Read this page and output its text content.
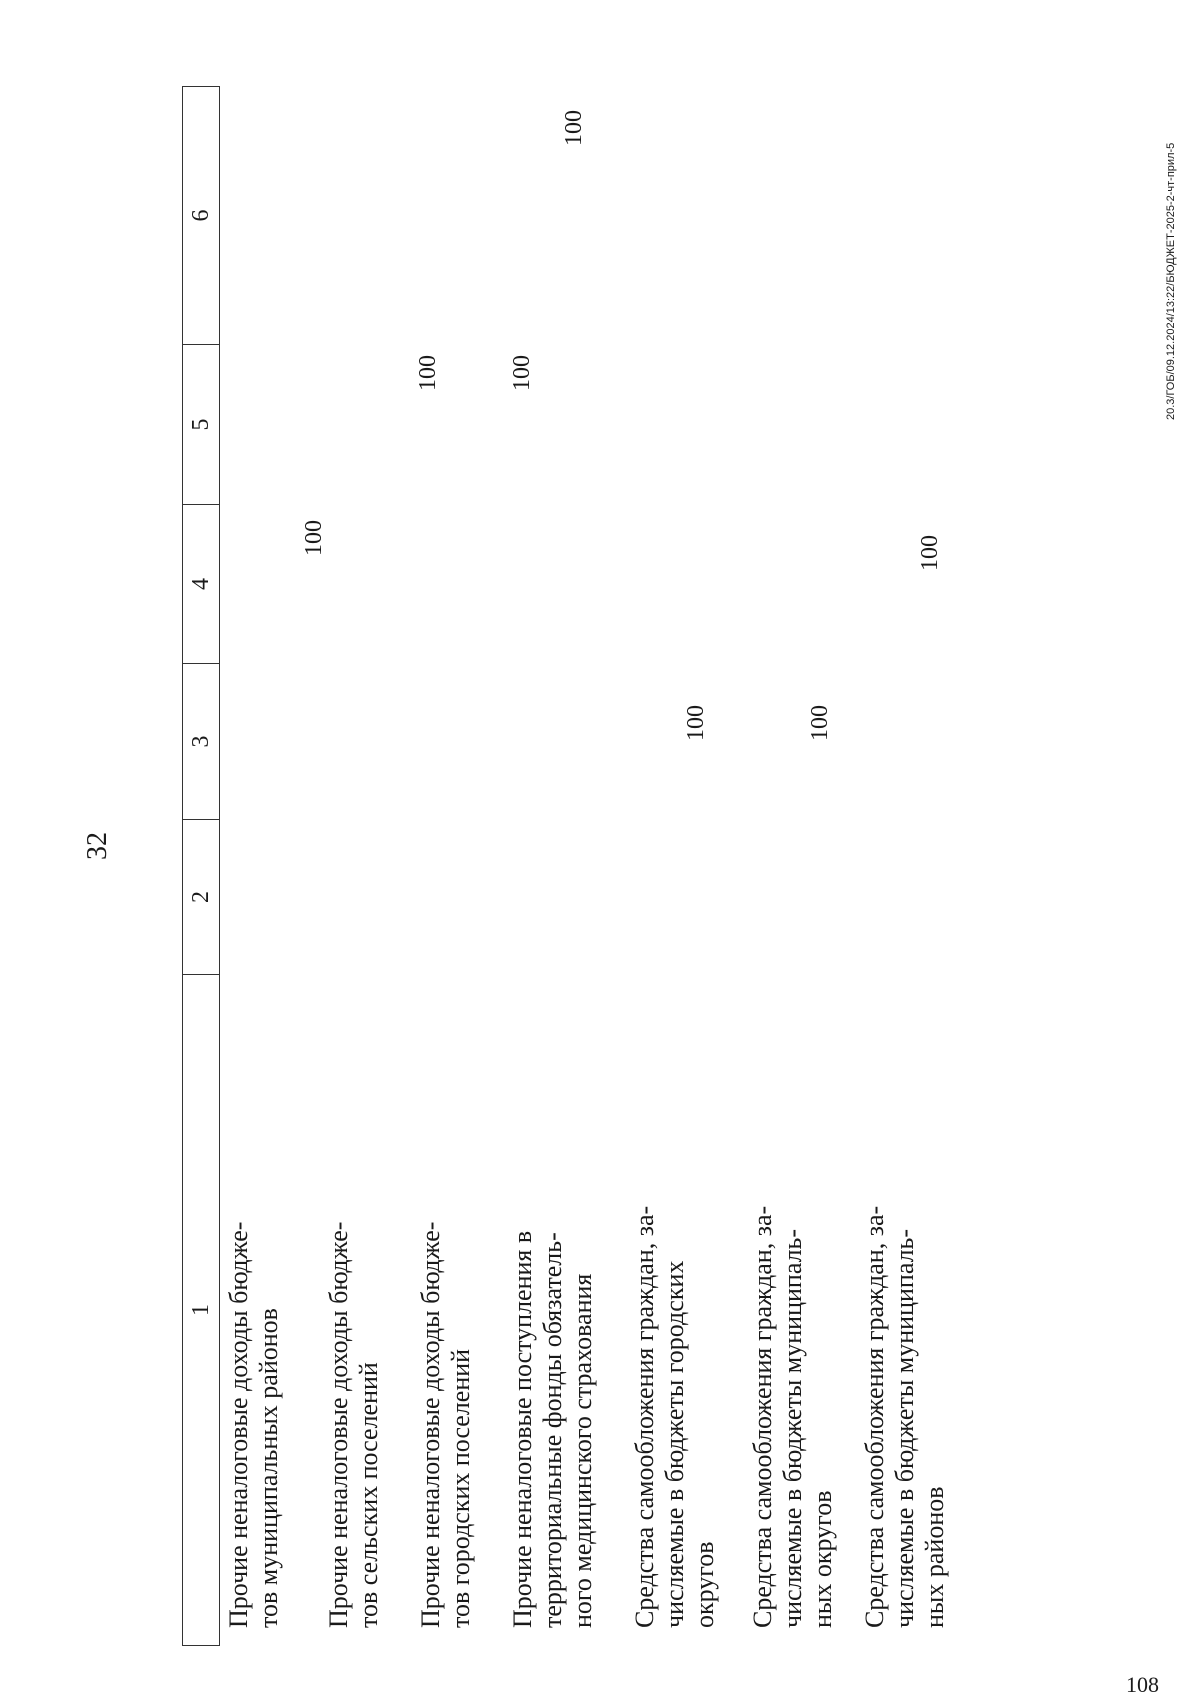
32
20.3/ГОБ/09.12.2024/13:22/БЮДЖЕТ-2025-2-чт-прил-5
108
1
2
3
4
5
6
Прочие неналоговые доходы бюдже- тов муниципальных районов
100
Прочие неналоговые доходы бюдже- тов сельских поселений
100
Прочие неналоговые доходы бюдже- тов городских поселений
100
Прочие неналоговые поступления в территориальные фонды обязатель- ного медицинского страхования
100
Средства самообложения граждан, за- числяемые в бюджеты городских округов
100
Средства самообложения граждан, за- числяемые в бюджеты муниципаль- ных округов
100
Средства самообложения граждан, за- числяемые в бюджеты муниципаль- ных районов
100
